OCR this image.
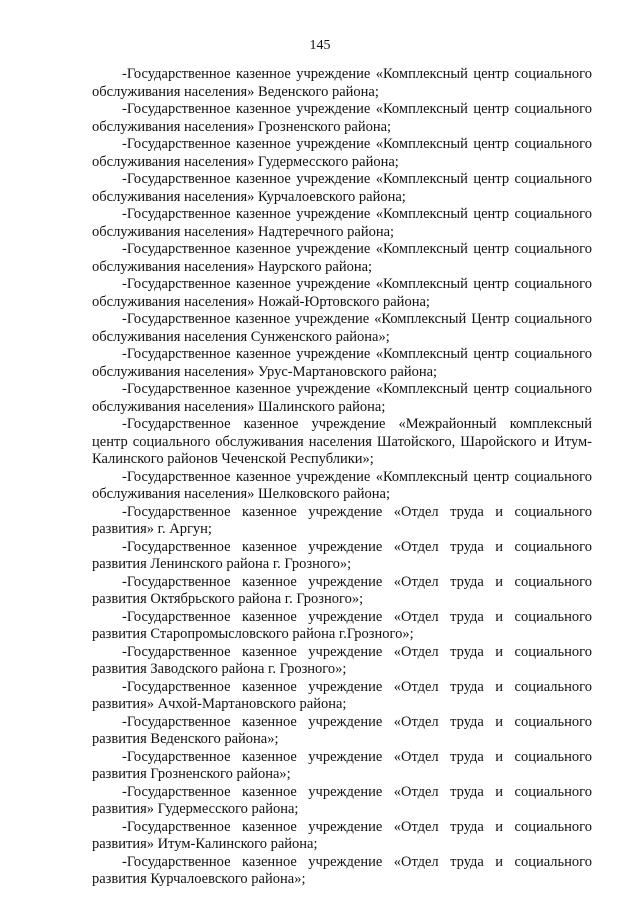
145

-Государственное казенное учреждение «Комплексный центр социального обслуживания населения» Веденского района;

-Государственное казенное учреждение «Комплексный центр социального обслуживания населения» Грозненского района;

-Государственное казенное учреждение «Комплексный центр социального обслуживания населения» Гудермесского района;

-Государственное казенное учреждение «Комплексный центр социального обслуживания населения» Курчалоевского района;

-Государственное казенное учреждение «Комплексный центр социального обслуживания населения» Надтеречного района;

-Государственное казенное учреждение «Комплексный центр социального обслуживания населения» Наурского района;

-Государственное казенное учреждение «Комплексный центр социального обслуживания населения» Ножай-Юртовского района;

-Государственное казенное учреждение «Комплексный Центр социального обслуживания населения Сунженского района»;

-Государственное казенное учреждение «Комплексный центр социального обслуживания населения» Урус-Мартановского района;

-Государственное казенное учреждение «Комплексный центр социального обслуживания населения» Шалинского района;

-Государственное казенное учреждение «Межрайонный комплексный центр социального обслуживания населения Шатойского, Шаройского и Итум-Калинского районов Чеченской Республики»;

-Государственное казенное учреждение «Комплексный центр социального обслуживания населения» Шелковского района;

-Государственное казенное учреждение «Отдел труда и социального развития» г. Аргун;

-Государственное казенное учреждение «Отдел труда и социального развития Ленинского района г. Грозного»;

-Государственное казенное учреждение «Отдел труда и социального развития Октябрьского района г. Грозного»;

-Государственное казенное учреждение «Отдел труда и социального развития Старопромысловского района г.Грозного»;

-Государственное казенное учреждение «Отдел труда и социального развития Заводского района г. Грозного»;

-Государственное казенное учреждение «Отдел труда и социального развития» Ачхой-Мартановского района;

-Государственное казенное учреждение «Отдел труда и социального развития Веденского района»;

-Государственное казенное учреждение «Отдел труда и социального развития Грозненского района»;

-Государственное казенное учреждение «Отдел труда и социального развития» Гудермесского района;

-Государственное казенное учреждение «Отдел труда и социального развития» Итум-Калинского района;

-Государственное казенное учреждение «Отдел труда и социального развития Курчалоевского района»;
